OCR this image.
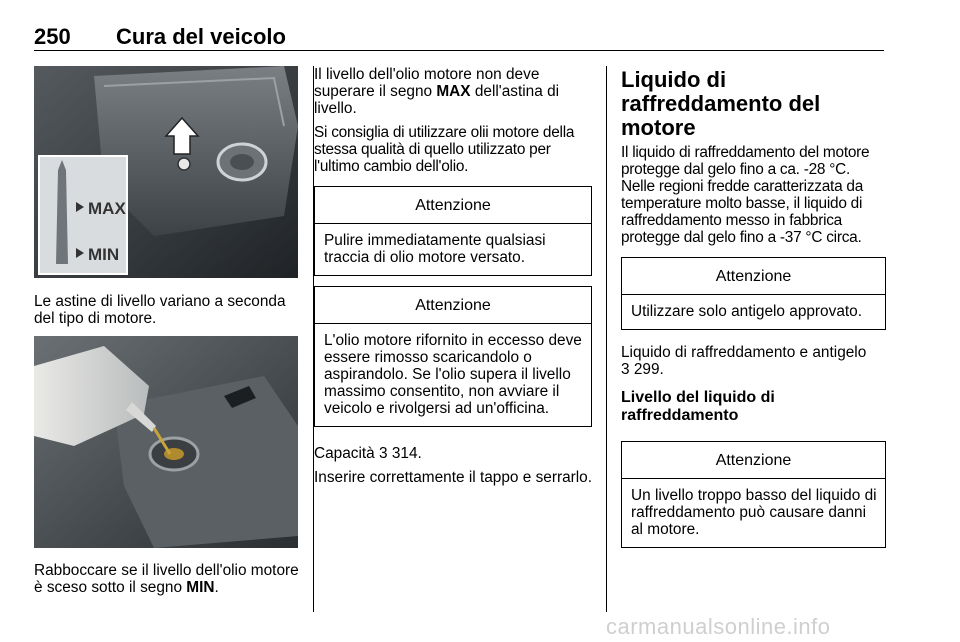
250 Cura del veicolo
MAX
MIN

Le astine di livello variano a seconda del tipo di motore.

Rabboccare se il livello dell'olio motore è sceso sotto il segno MIN.

Il livello dell'olio motore non deve superare il segno MAX dell'astina di livello.

Si consiglia di utilizzare olii motore della stessa qualità di quello utilizzato per l'ultimo cambio dell'olio.

Attenzione
Pulire immediatamente qualsiasi traccia di olio motore versato.
Attenzione
L'olio motore rifornito in eccesso deve essere rimosso scaricandolo o aspirandolo. Se l'olio supera il livello massimo consentito, non avviare il veicolo e rivolgersi ad un'officina.

Capacità 3 314.

Inserire correttamente il tappo e serrarlo.

Liquido di raffreddamento del motore

Il liquido di raffreddamento del motore protegge dal gelo fino a ca. -28 °C. Nelle regioni fredde caratterizzata da temperature molto basse, il liquido di raffreddamento messo in fabbrica protegge dal gelo fino a -37 °C circa.

Attenzione
Utilizzare solo antigelo approvato.

Liquido di raffreddamento e antigelo
3 299.

Livello del liquido di raffreddamento
Attenzione
Un livello troppo basso del liquido di raffreddamento può causare danni al motore.
carmanualsonline.info
